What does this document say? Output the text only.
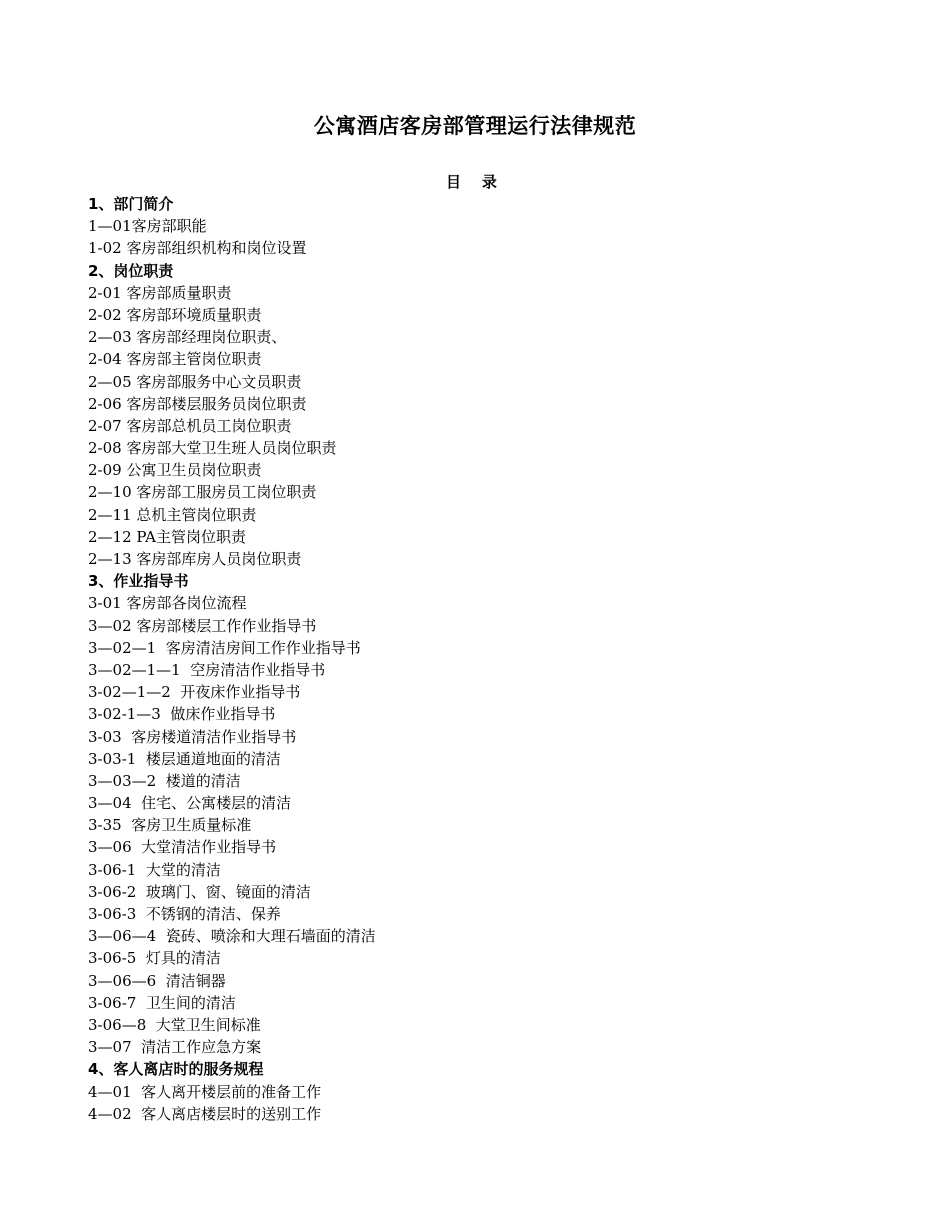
公寓酒店客房部管理运行法律规范
目    录
1、部门简介
1—01客房部职能
1-02 客房部组织机构和岗位设置
2、岗位职责
2-01 客房部质量职责
2-02 客房部环境质量职责
2—03 客房部经理岗位职责、
2-04 客房部主管岗位职责
2—05 客房部服务中心文员职责
2-06 客房部楼层服务员岗位职责
2-07 客房部总机员工岗位职责
2-08 客房部大堂卫生班人员岗位职责
2-09 公寓卫生员岗位职责
2—10 客房部工服房员工岗位职责
2—11 总机主管岗位职责
2—12 PA主管岗位职责
2—13 客房部库房人员岗位职责
3、作业指导书
3-01 客房部各岗位流程
3—02 客房部楼层工作作业指导书
3—02—1  客房清洁房间工作作业指导书
3—02—1—1  空房清洁作业指导书
3-02—1—2  开夜床作业指导书
3-02-1—3  做床作业指导书
3-03  客房楼道清洁作业指导书
3-03-1  楼层通道地面的清洁
3—03—2  楼道的清洁
3—04  住宅、公寓楼层的清洁
3-35  客房卫生质量标准
3—06  大堂清洁作业指导书
3-06-1  大堂的清洁
3-06-2  玻璃门、窗、镜面的清洁
3-06-3  不锈钢的清洁、保养
3—06—4  瓷砖、喷涂和大理石墙面的清洁
3-06-5  灯具的清洁
3—06—6  清洁铜器
3-06-7  卫生间的清洁
3-06—8  大堂卫生间标准
3—07  清洁工作应急方案
4、客人离店时的服务规程
4—01  客人离开楼层前的准备工作
4—02  客人离店楼层时的送别工作
